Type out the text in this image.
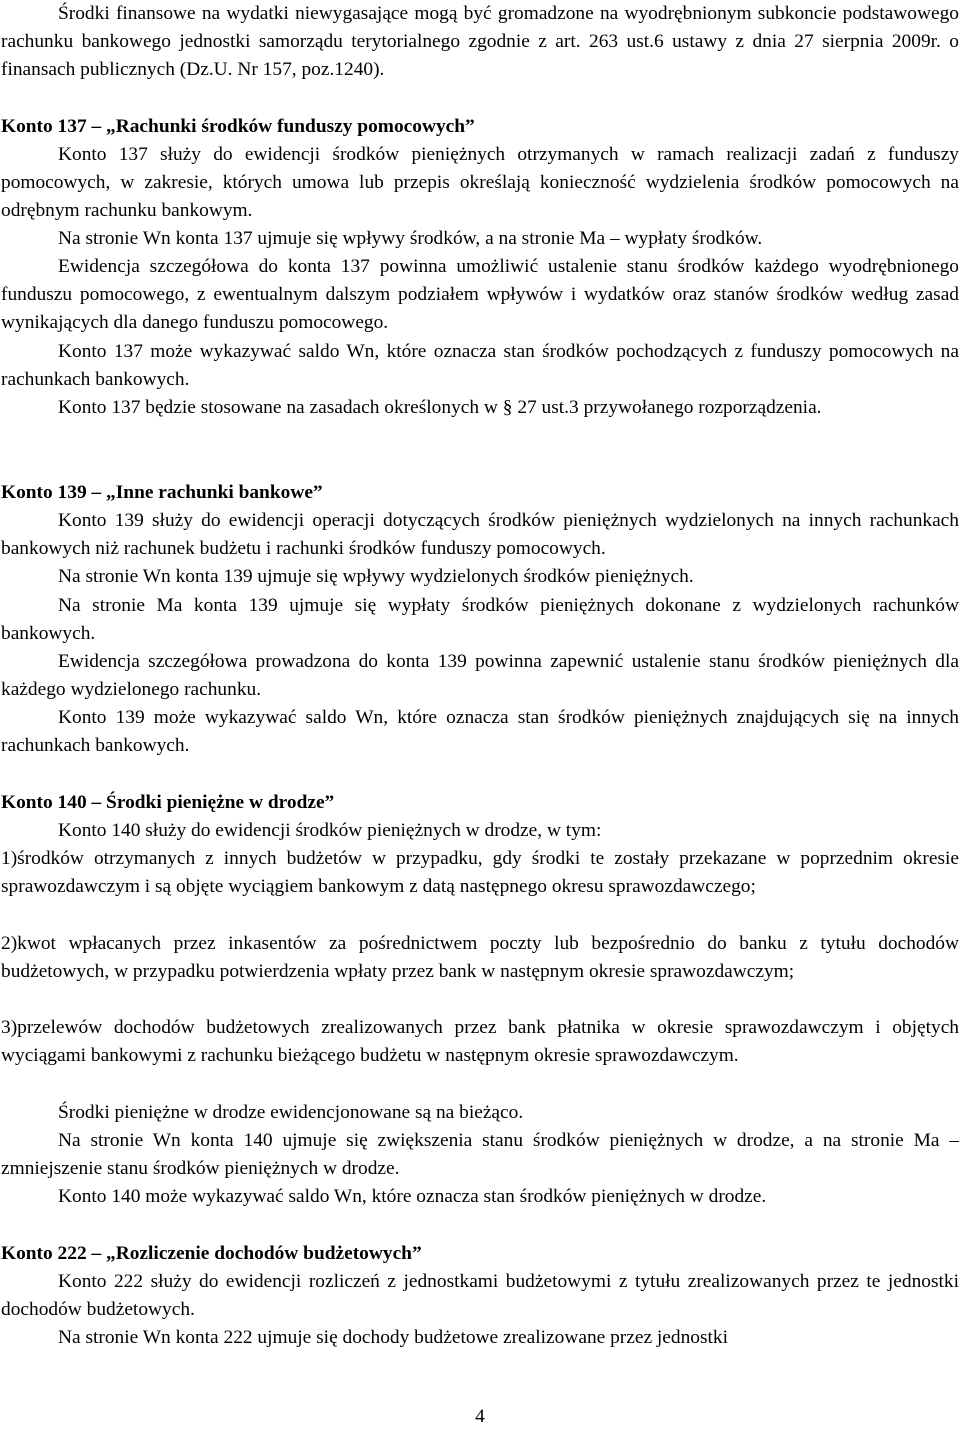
Środki finansowe na wydatki niewygasające mogą być gromadzone na wyodrębnionym subkoncie podstawowego rachunku bankowego jednostki samorządu terytorialnego zgodnie z art. 263 ust.6 ustawy z dnia 27 sierpnia 2009r. o finansach publicznych (Dz.U. Nr 157, poz.1240).

Konto 137 – „Rachunki środków funduszy pomocowych”

Konto 137 służy do ewidencji środków pieniężnych otrzymanych w ramach realizacji zadań z funduszy pomocowych, w zakresie, których umowa lub przepis określają konieczność wydzielenia środków pomocowych na odrębnym rachunku bankowym.

Na stronie Wn konta 137 ujmuje się wpływy środków, a na stronie Ma – wypłaty środków.

Ewidencja szczegółowa do konta 137 powinna umożliwić ustalenie stanu środków każdego wyodrębnionego funduszu pomocowego, z ewentualnym dalszym podziałem wpływów i wydatków oraz stanów środków według zasad wynikających dla danego funduszu pomocowego.

Konto 137 może wykazywać saldo Wn, które oznacza stan środków pochodzących z funduszy pomocowych na rachunkach bankowych.

Konto 137 będzie stosowane na zasadach określonych w § 27 ust.3 przywołanego rozporządzenia.

Konto 139 – „Inne rachunki bankowe”

Konto 139 służy do ewidencji operacji dotyczących środków pieniężnych wydzielonych na innych rachunkach bankowych niż rachunek budżetu i rachunki środków funduszy pomocowych.

Na stronie Wn konta 139 ujmuje się wpływy wydzielonych środków pieniężnych.

Na stronie Ma konta 139 ujmuje się wypłaty środków pieniężnych dokonane z wydzielonych rachunków bankowych.

Ewidencja szczegółowa prowadzona do konta 139 powinna zapewnić ustalenie stanu środków pieniężnych dla każdego wydzielonego rachunku.

Konto 139 może wykazywać saldo Wn, które oznacza stan środków pieniężnych znajdujących się na innych rachunkach bankowych.

Konto 140 – Środki pieniężne w drodze”

Konto 140 służy do ewidencji środków pieniężnych w drodze, w tym:

1)środków otrzymanych z innych budżetów w przypadku, gdy środki te zostały przekazane w poprzednim okresie sprawozdawczym i są objęte wyciągiem bankowym z datą następnego okresu sprawozdawczego;

2)kwot wpłacanych przez inkasentów za pośrednictwem poczty lub bezpośrednio do banku z tytułu dochodów budżetowych, w przypadku potwierdzenia wpłaty przez bank w następnym okresie sprawozdawczym;

3)przelewów dochodów budżetowych zrealizowanych przez bank płatnika w okresie sprawozdawczym i objętych wyciągami bankowymi z rachunku bieżącego budżetu w następnym okresie sprawozdawczym.

Środki pieniężne w drodze ewidencjonowane są na bieżąco.

Na stronie Wn konta 140 ujmuje się zwiększenia stanu środków pieniężnych w drodze, a na stronie Ma – zmniejszenie stanu środków pieniężnych w drodze.

Konto 140 może wykazywać saldo Wn, które oznacza stan środków pieniężnych w drodze.

Konto 222 – „Rozliczenie dochodów budżetowych”

Konto 222 służy do ewidencji rozliczeń z jednostkami budżetowymi z tytułu zrealizowanych przez te jednostki dochodów budżetowych.

Na stronie Wn konta 222 ujmuje się dochody budżetowe zrealizowane przez jednostki

4
